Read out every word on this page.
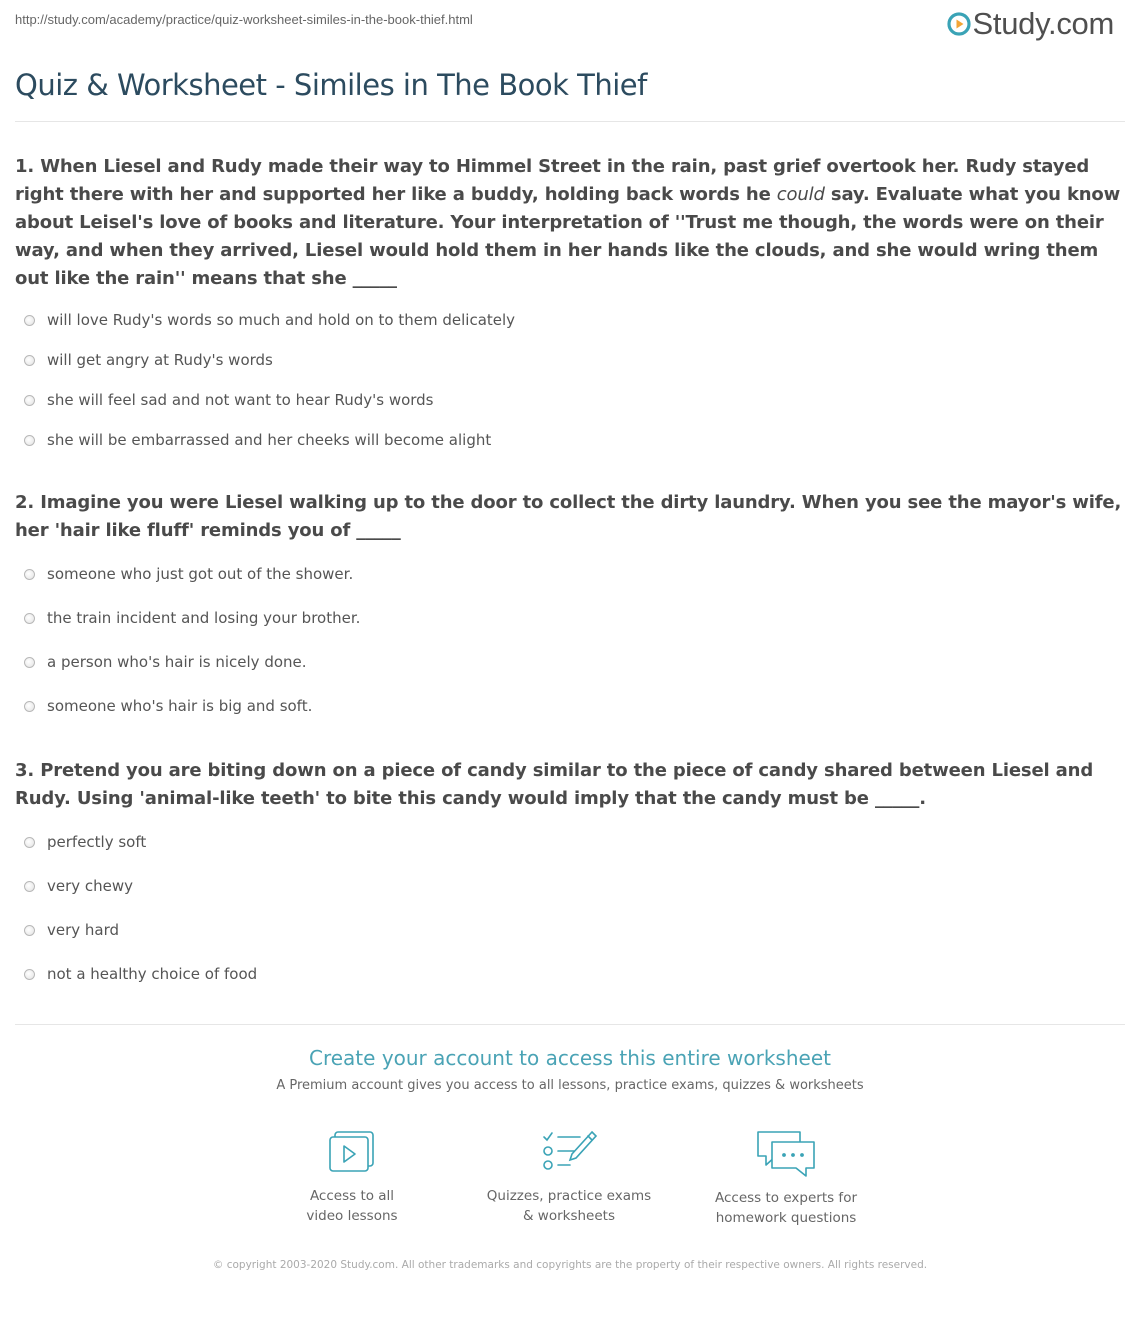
http://study.com/academy/practice/quiz-worksheet-similes-in-the-book-thief.html	Study.com
Quiz & Worksheet - Similes in The Book Thief

1. When Liesel and Rudy made their way to Himmel Street in the rain, past grief overtook her. Rudy stayed right there with her and supported her like a buddy, holding back words he could say. Evaluate what you know about Leisel's love of books and literature. Your interpretation of ''Trust me though, the words were on their way, and when they arrived, Liesel would hold them in her hands like the clouds, and she would wring them out like the rain'' means that she _____

will love Rudy's words so much and hold on to them delicately
will get angry at Rudy's words
she will feel sad and not want to hear Rudy's words
she will be embarrassed and her cheeks will become alight

2. Imagine you were Liesel walking up to the door to collect the dirty laundry. When you see the mayor's wife, her 'hair like fluff' reminds you of _____

someone who just got out of the shower.
the train incident and losing your brother.
a person who's hair is nicely done.
someone who's hair is big and soft.

3. Pretend you are biting down on a piece of candy similar to the piece of candy shared between Liesel and Rudy. Using 'animal-like teeth' to bite this candy would imply that the candy must be _____.

perfectly soft
very chewy
very hard
not a healthy choice of food
Create your account to access this entire worksheet
A Premium account gives you access to all lessons, practice exams, quizzes & worksheets
Access to all
video lessons
Quizzes, practice exams
& worksheets
Access to experts for
homework questions
© copyright 2003-2020 Study.com. All other trademarks and copyrights are the property of their respective owners. All rights reserved.
